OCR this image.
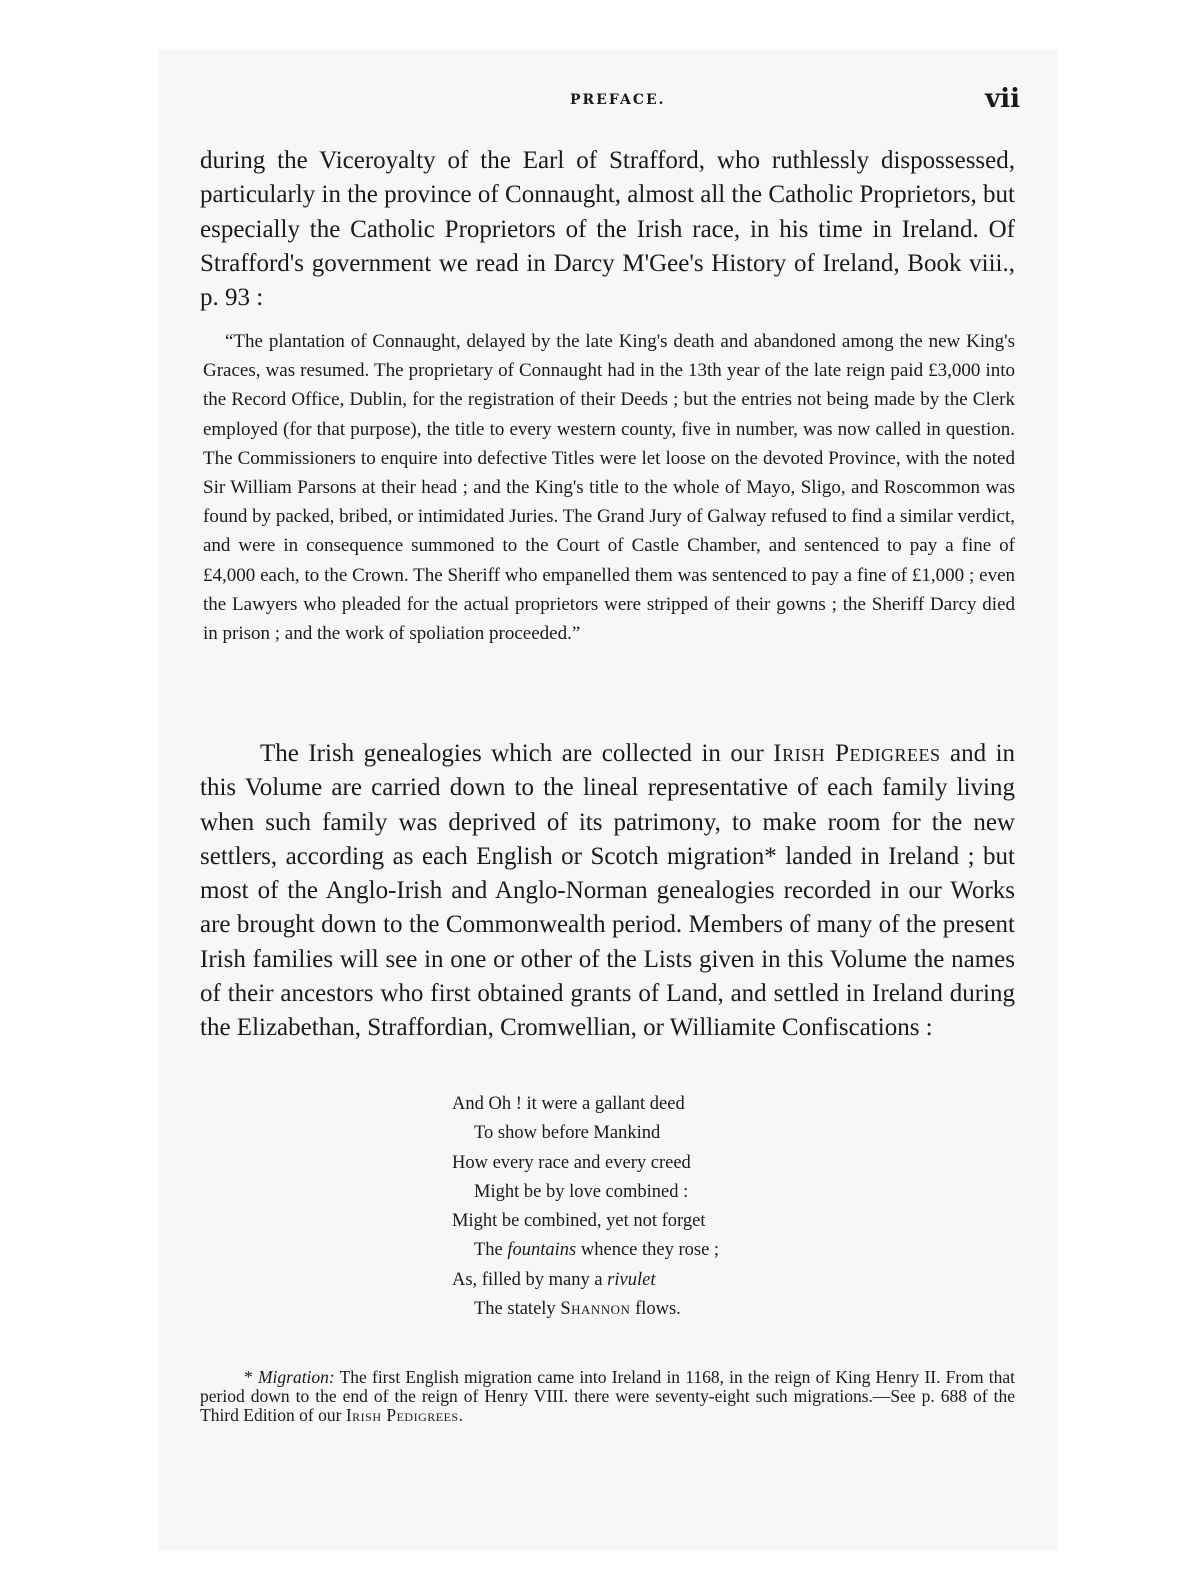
PREFACE.	vii

during the Viceroyalty of the Earl of Strafford, who ruthlessly dispossessed, particularly in the province of Connaught, almost all the Catholic Proprietors, but especially the Catholic Proprietors of the Irish race, in his time in Ireland. Of Strafford's government we read in Darcy M'Gee's History of Ireland, Book viii., p. 93 :

“The plantation of Connaught, delayed by the late King's death and abandoned among the new King's Graces, was resumed. The proprietary of Connaught had in the 13th year of the late reign paid £3,000 into the Record Office, Dublin, for the registration of their Deeds ; but the entries not being made by the Clerk employed (for that purpose), the title to every western county, five in number, was now called in question. The Commissioners to enquire into defective Titles were let loose on the devoted Province, with the noted Sir William Parsons at their head ; and the King's title to the whole of Mayo, Sligo, and Roscommon was found by packed, bribed, or intimidated Juries. The Grand Jury of Galway refused to find a similar verdict, and were in consequence summoned to the Court of Castle Chamber, and sentenced to pay a fine of £4,000 each, to the Crown. The Sheriff who empanelled them was sentenced to pay a fine of £1,000 ; even the Lawyers who pleaded for the actual proprietors were stripped of their gowns ; the Sheriff Darcy died in prison ; and the work of spoliation proceeded.”

The Irish genealogies which are collected in our Irish Pedigrees and in this Volume are carried down to the lineal representative of each family living when such family was deprived of its patrimony, to make room for the new settlers, according as each English or Scotch migration* landed in Ireland ; but most of the Anglo-Irish and Anglo-Norman genealogies recorded in our Works are brought down to the Commonwealth period. Members of many of the present Irish families will see in one or other of the Lists given in this Volume the names of their ancestors who first obtained grants of Land, and settled in Ireland during the Elizabethan, Straffordian, Cromwellian, or Williamite Confiscations :

And Oh ! it were a gallant deed
To show before Mankind
How every race and every creed
Might be by love combined :
Might be combined, yet not forget
The fountains whence they rose ;
As, filled by many a rivulet
The stately Shannon flows.

* Migration: The first English migration came into Ireland in 1168, in the reign of King Henry II. From that period down to the end of the reign of Henry VIII. there were seventy-eight such migrations.—See p. 688 of the Third Edition of our Irish Pedigrees.
